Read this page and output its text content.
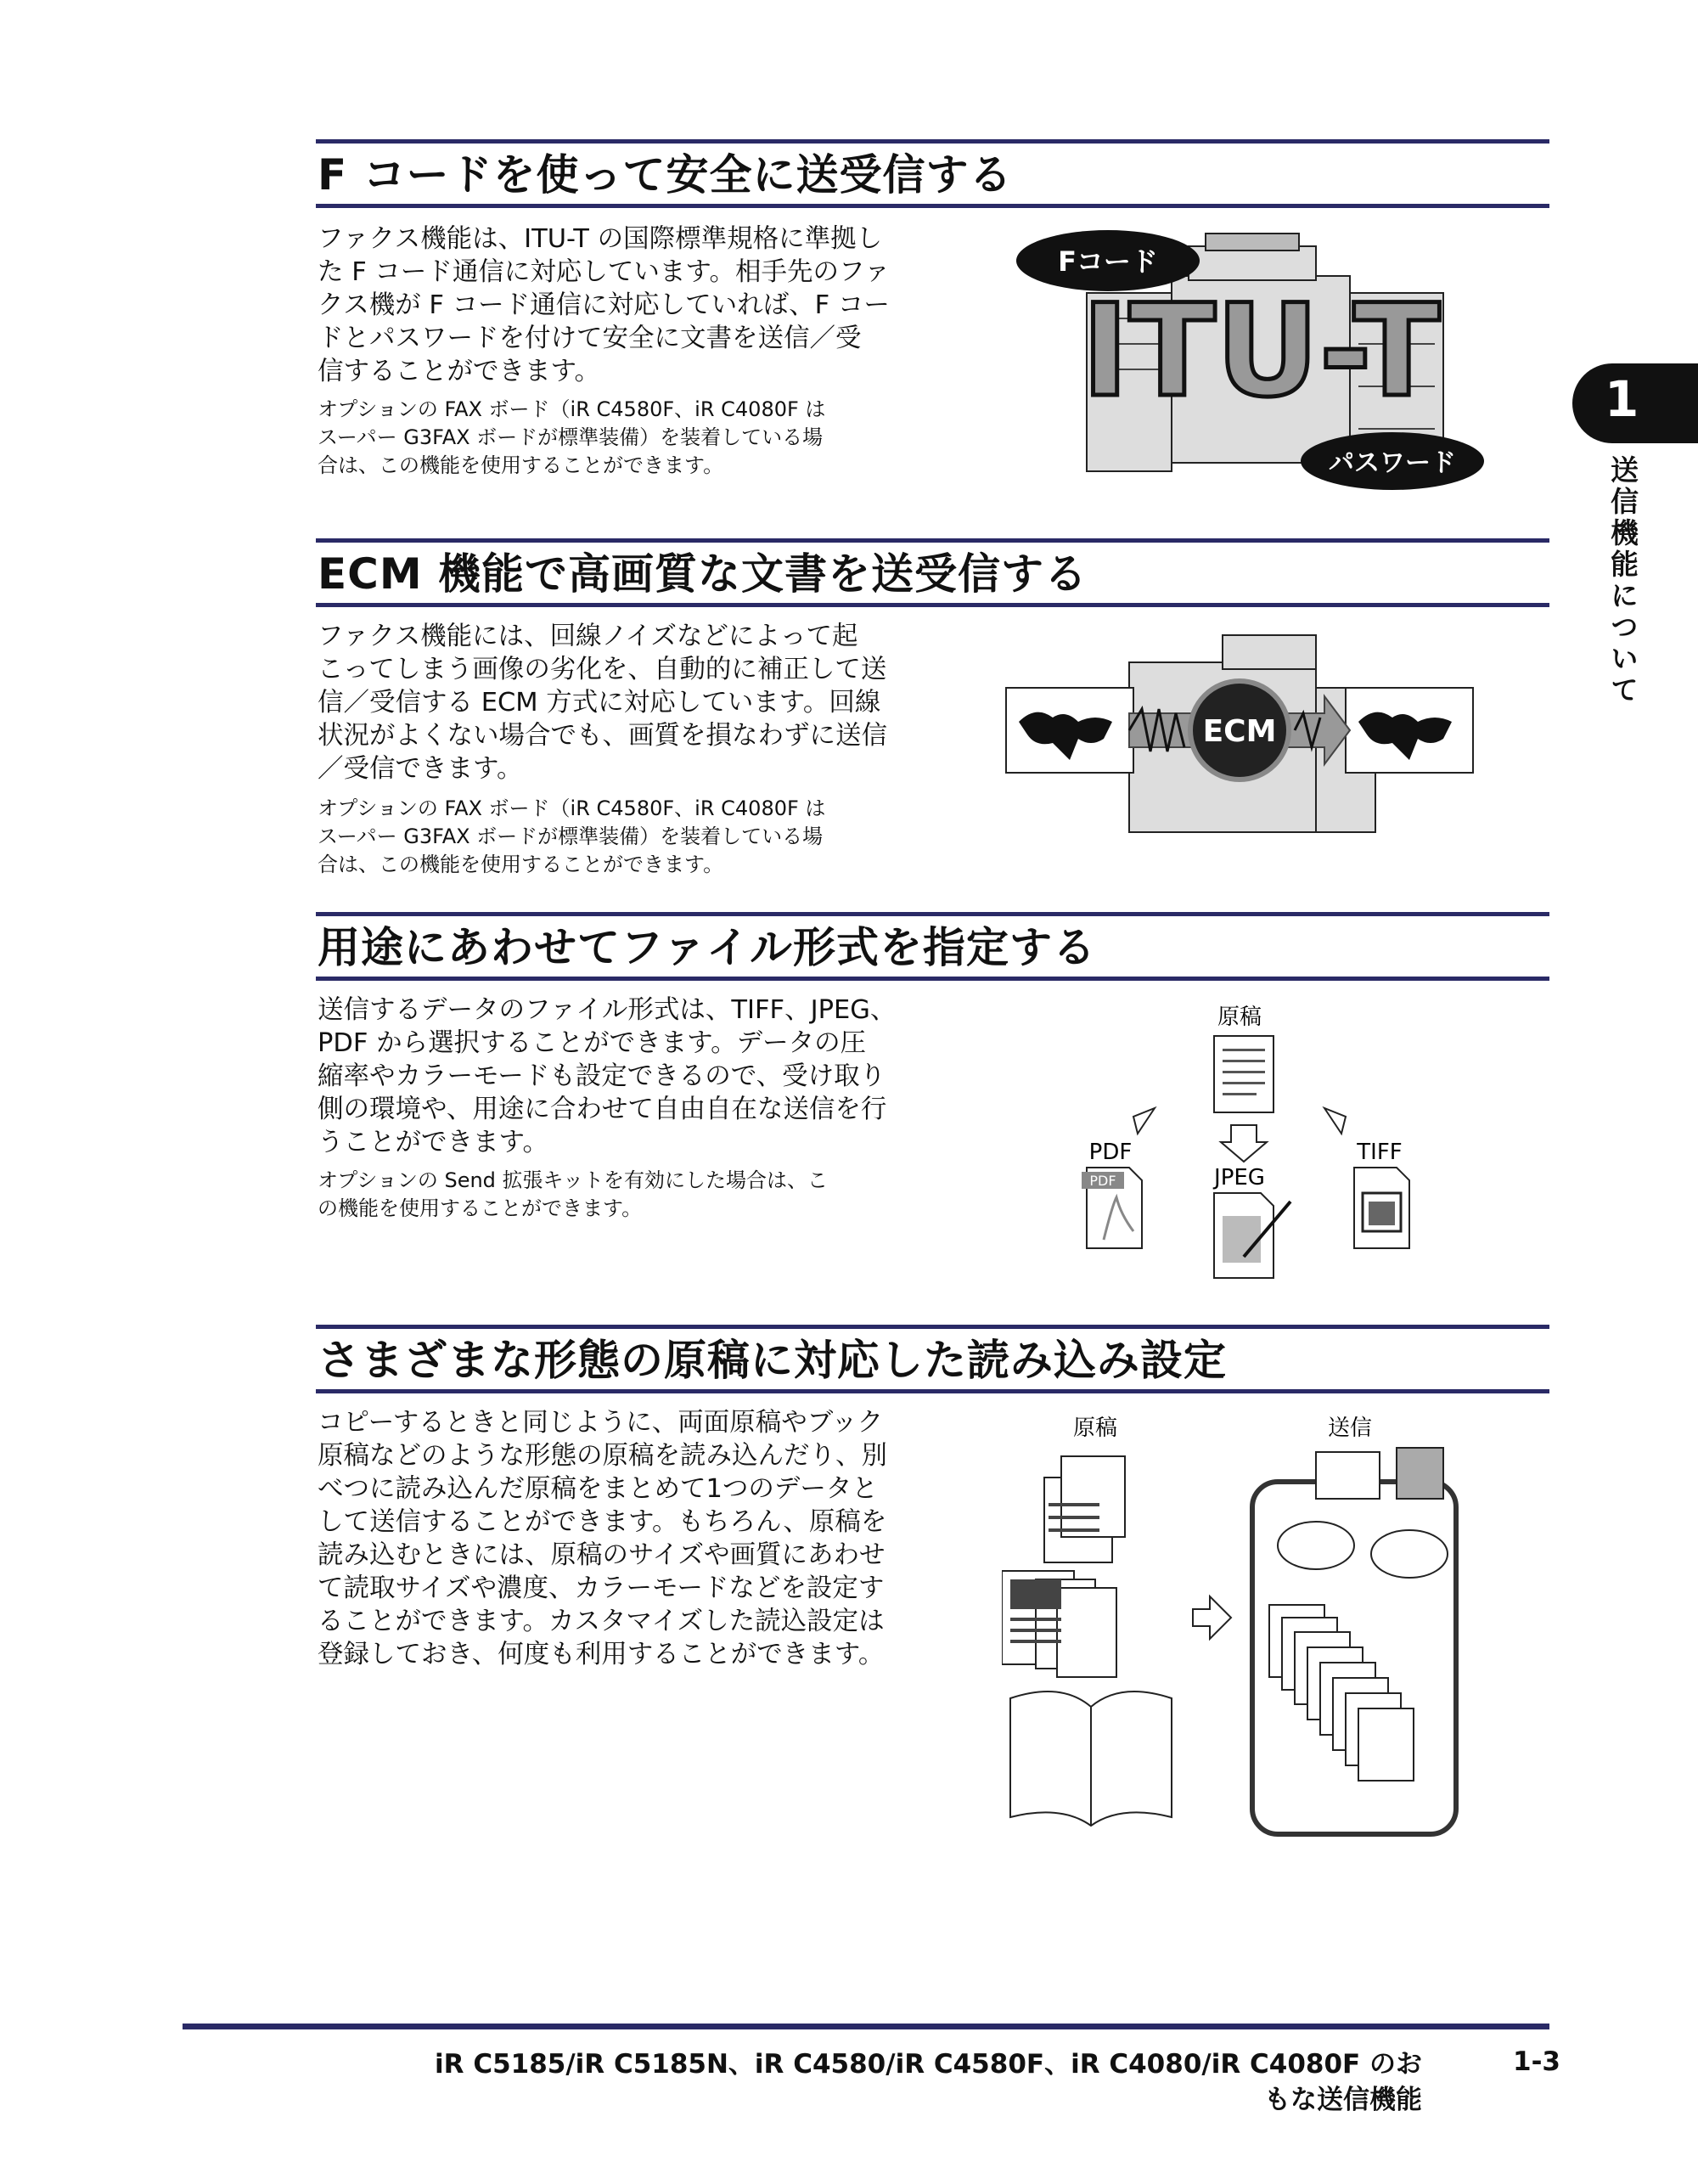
F コードを使って安全に送受信する
ファクス機能は、ITU-T の国際標準規格に準拠し
た F コード通信に対応しています。相手先のファ
クス機が F コード通信に対応していれば、F コー
ドとパスワードを付けて安全に文書を送信／受
信することができます。
オプションの FAX ボード（iR C4580F、iR C4080F は
スーパー G3FAX ボードが標準装備）を装着している場
合は、この機能を使用することができます。
Fコード
ITU-T
パスワード
ECM 機能で高画質な文書を送受信する
ファクス機能には、回線ノイズなどによって起
こってしまう画像の劣化を、自動的に補正して送
信／受信する ECM 方式に対応しています。回線
状況がよくない場合でも、画質を損なわずに送信
／受信できます。
オプションの FAX ボード（iR C4580F、iR C4080F は
スーパー G3FAX ボードが標準装備）を装着している場
合は、この機能を使用することができます。
ECM
用途にあわせてファイル形式を指定する
送信するデータのファイル形式は、TIFF、JPEG、
PDF から選択することができます。データの圧
縮率やカラーモードも設定できるので、受け取り
側の環境や、用途に合わせて自由自在な送信を行
うことができます。
オプションの Send 拡張キットを有効にした場合は、こ
の機能を使用することができます。
原稿
PDF
JPEG
TIFF
PDF
さまざまな形態の原稿に対応した読み込み設定
コピーするときと同じように、両面原稿やブック
原稿などのような形態の原稿を読み込んだり、別
べつに読み込んだ原稿をまとめて1つのデータと
して送信することができます。もちろん、原稿を
読み込むときには、原稿のサイズや画質にあわせ
て読取サイズや濃度、カラーモードなどを設定す
ることができます。カスタマイズした読込設定は
登録しておき、何度も利用することができます。
原稿	送信
1
送信機能について
iR C5185/iR C5185N、iR C4580/iR C4580F、iR C4080/iR C4080F のお
もな送信機能
1-3
